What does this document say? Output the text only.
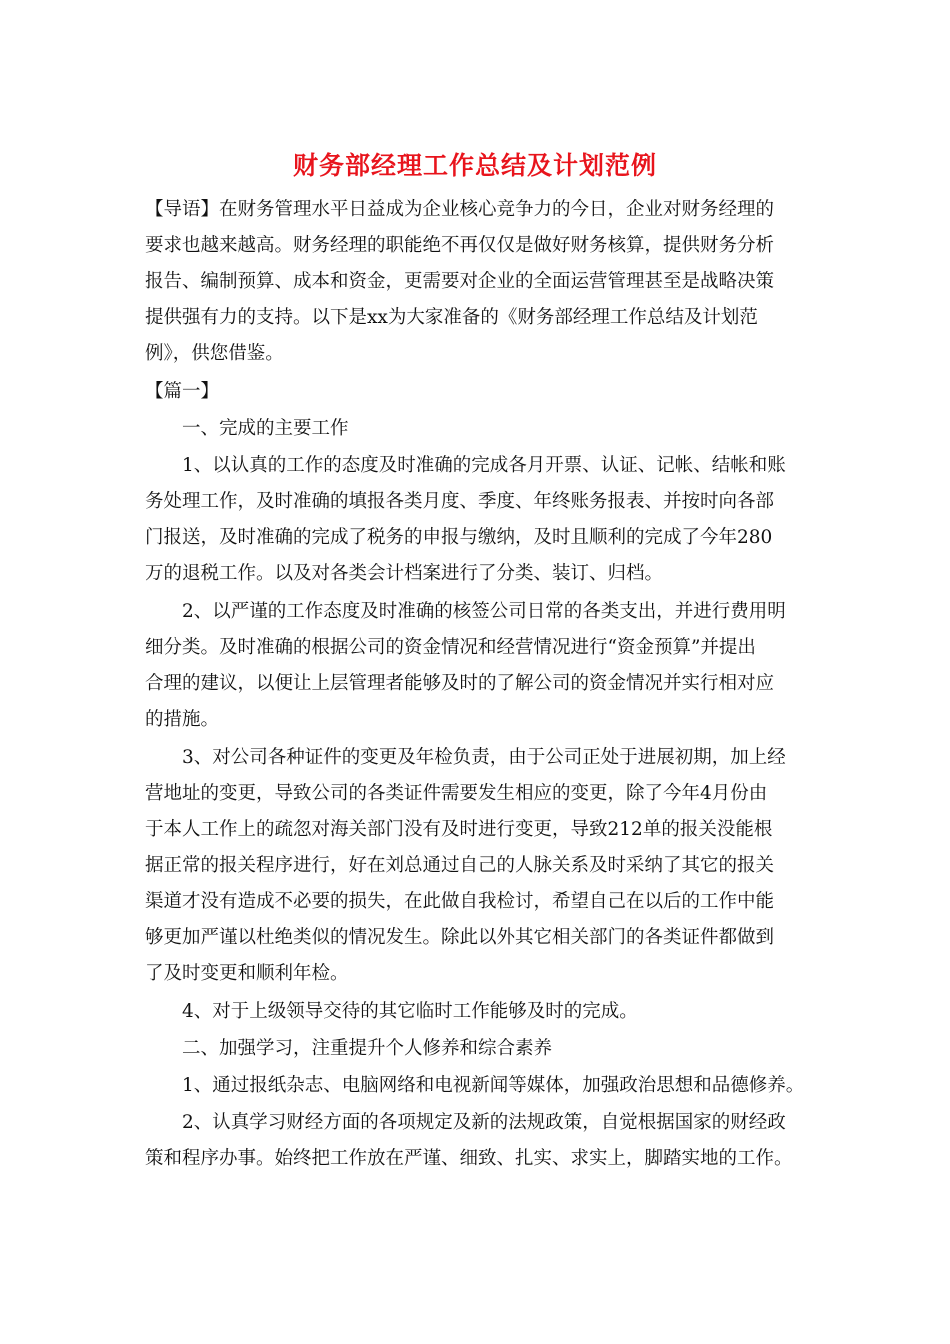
财务部经理工作总结及计划范例
【导语】在财务管理水平日益成为企业核心竞争力的今日，企业对财务经理的
要求也越来越高。财务经理的职能绝不再仅仅是做好财务核算，提供财务分析
报告、编制预算、成本和资金，更需要对企业的全面运营管理甚至是战略决策
提供强有力的支持。以下是xx为大家准备的《财务部经理工作总结及计划范
例》，供您借鉴。
【篇一】
一、完成的主要工作
1、以认真的工作的态度及时准确的完成各月开票、认证、记帐、结帐和账
务处理工作，及时准确的填报各类月度、季度、年终账务报表、并按时向各部
门报送，及时准确的完成了税务的申报与缴纳，及时且顺利的完成了今年280
万的退税工作。以及对各类会计档案进行了分类、装订、归档。
2、以严谨的工作态度及时准确的核签公司日常的各类支出，并进行费用明
细分类。及时准确的根据公司的资金情况和经营情况进行“资金预算”并提出
合理的建议，以便让上层管理者能够及时的了解公司的资金情况并实行相对应
的措施。
3、对公司各种证件的变更及年检负责，由于公司正处于进展初期，加上经
营地址的变更，导致公司的各类证件需要发生相应的变更，除了今年4月份由
于本人工作上的疏忽对海关部门没有及时进行变更，导致212单的报关没能根
据正常的报关程序进行，好在刘总通过自己的人脉关系及时采纳了其它的报关
渠道才没有造成不必要的损失，在此做自我检讨，希望自己在以后的工作中能
够更加严谨以杜绝类似的情况发生。除此以外其它相关部门的各类证件都做到
了及时变更和顺利年检。
4、对于上级领导交待的其它临时工作能够及时的完成。
二、加强学习，注重提升个人修养和综合素养
1、通过报纸杂志、电脑网络和电视新闻等媒体，加强政治思想和品德修养。
2、认真学习财经方面的各项规定及新的法规政策，自觉根据国家的财经政
策和程序办事。始终把工作放在严谨、细致、扎实、求实上，脚踏实地的工作。
